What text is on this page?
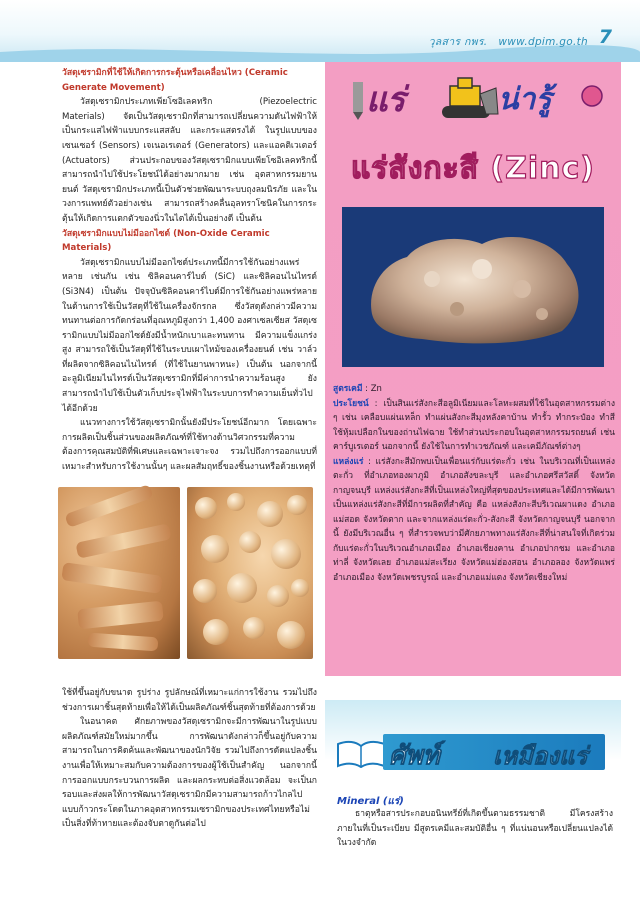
วุลสาร กพร. www.dpim.go.th 7

วัสดุเซรามิกที่ใช้ให้เกิดการกระตุ้นหรือเคลื่อนไหว (Ceramic Generate Movement)

วัสดุเซรามิกประเภทเพียโซอิเลคทริก (Piezoelectric Materials) จัดเป็นวัสดุเซรามิกที่สามารถเปลี่ยนความดันไฟฟ้าให้เป็นกระแสไฟฟ้าแบบกระแสสลับ และกระแสตรงได้ ในรูปแบบของเซนเซอร์ (Sensors) เจเนอเรเตอร์ (Generators) และแอคติเวเตอร์ (Actuators) ส่วนประกอบของวัสดุเซรามิกแบบเพียโซอิเลคทริกนี้สามารถนำไปใช้ประโยชน์ได้อย่างมากมาย เช่น อุตสาหกรรมยานยนต์ วัสดุเซรามิกประเภทนี้เป็นตัวช่วยพัฒนาระบบถุงลมนิรภัย และในวงการแพทย์ตัวอย่างเช่น สามารถสร้างคลื่นอุลทราโซนิคในการกระตุ้นให้เกิดการแตกตัวของนิ่วในไตได้เป็นอย่างดี เป็นต้น

วัสดุเซรามิกแบบไม่มีออกไซด์ (Non-Oxide Ceramic Materials)

วัสดุเซรามิกแบบไม่มีออกไซด์ประเภทนี้มีการใช้กันอย่างแพร่หลาย เช่นกัน เช่น ซิลิคอนคาร์ไบด์ (SiC) และซิลิคอนไนไทรด์ (Si3N4) เป็นต้น ปัจจุบันซิลิคอนคาร์ไบด์มีการใช้กันอย่างแพร่หลายในด้านการใช้เป็นวัสดุที่ใช้ในเครื่องจักรกล ซึ่งวัสดุดังกล่าวมีความทนทานต่อการกัดกร่อนที่อุณหภูมิสูงกว่า 1,400 องศาเซลเซียส วัสดุเซรามิกแบบไม่มีออกไซด์ยังมีน้ำหนักเบาและทนทาน มีความแข็งแกร่งสูง สามารถใช้เป็นวัสดุที่ใช้ในระบบเผาไหม้ของเครื่องยนต์ เช่น วาล์วที่ผลิตจากซิลิคอนไนไทรด์ (ที่ใช้ในยานพาหนะ) เป็นต้น นอกจากนี้ อะลูมิเนียมไนไทรด์เป็นวัสดุเซรามิกที่มีค่าการนำความร้อนสูง ยังสามารถนำไปใช้เป็นตัวเก็บประจุไฟฟ้าในระบบการทำความเย็นทั่วไปได้อีกด้วย

แนวทางการใช้วัสดุเซรามิกนั้นยังมีประโยชน์อีกมาก โดยเฉพาะการผลิตเป็นชิ้นส่วนของผลิตภัณฑ์ที่ใช้ทางด้านวิศวกรรมที่ความต้องการคุณสมบัติที่พิเศษและเฉพาะเจาะจง รวมไปถึงการออกแบบที่เหมาะสำหรับการใช้งานนั้นๆ และผลสัมฤทธิ์ของชิ้นงานหรือด้วยเหตุที่

แร่	น่ารู้
แร่สังกะสี (Zinc)

สูตรเคมี : Zn

ประโยชน์ : เป็นสินแร่สังกะสีอลูมิเนียมและโลหะผสมที่ใช้ในอุตสาหกรรมต่าง ๆ เช่น เคลือบแผ่นเหล็ก ทำแผ่นสังกะสีมุงหลังคาบ้าน ทำรั้ว ทำกระป๋อง ทำสี ใช้หุ้มเปลือกในของถ่านไฟฉาย ใช้ทำส่วนประกอบในอุตสาหกรรมรถยนต์ เช่น คาร์บูเรเตอร์ นอกจากนี้ ยังใช้ในการทำเวชภัณฑ์ และเคมีภัณฑ์ต่างๆ

แหล่งแร่ : แร่สังกะสีมักพบเป็นเพื่อนแร่กับแร่ตะกั่ว เช่น ในบริเวณที่เป็นแหล่งตะกั่ว ที่อำเภอทองผาภูมิ อำเภอสังขละบุรี และอำเภอศรีสวัสดิ์ จังหวัดกาญจนบุรี แหล่งแร่สังกะสีที่เป็นแหล่งใหญ่ที่สุดของประเทศและได้มีการพัฒนาเป็นแหล่งแร่สังกะสีที่มีการผลิตที่สำคัญ คือ แหล่งสังกะสีบริเวณผาแดง อำเภอแม่สอด จังหวัดตาก และจากแหล่งแร่ตะกั่ว-สังกะสี จังหวัดกาญจนบุรี นอกจากนี้ ยังมีบริเวณอื่น ๆ ที่สำรวจพบว่ามีศักยภาพทางแร่สังกะสีที่น่าสนใจที่เกิดร่วมกับแร่ตะกั่วในบริเวณอำเภอเมือง อำเภอเชียงคาน อำเภอปากชม และอำเภอท่าลี่ จังหวัดเลย อำเภอแม่สะเรียง จังหวัดแม่ฮ่องสอน อำเภอลอง จังหวัดแพร่ อำเภอเมือง จังหวัดเพชรบูรณ์ และอำเภอแม่แตง จังหวัดเชียงใหม่

ใช้ที่ขึ้นอยู่กับขนาด รูปร่าง รูปลักษณ์ที่เหมาะแก่การใช้งาน รวมไปถึงช่วงการเผาชิ้นสุดท้ายเพื่อให้ได้เป็นผลิตภัณฑ์ชิ้นสุดท้ายที่ต้องการด้วย

ในอนาคต ศักยภาพของวัสดุเซรามิกจะมีการพัฒนาในรูปแบบผลิตภัณฑ์สมัยใหม่มากขึ้น การพัฒนาดังกล่าวก็ขึ้นอยู่กับความสามารถในการคิดค้นและพัฒนาของนักวิจัย รวมไปถึงการดัดแปลงชิ้นงานเพื่อให้เหมาะสมกับความต้องการของผู้ใช้เป็นสำคัญ นอกจากนี้ การออกแบบกระบวนการผลิต และผลกระทบต่อสิ่งแวดล้อม จะเป็นกรอบและส่งผลให้การพัฒนาวัสดุเซรามิกมีความสามารถก้าวไกลไปแบบก้าวกระโดดในภาคอุตสาหกรรมเซรามิกของประเทศไทยหรือไม่เป็นสิ่งที่ท้าทายและต้องจับตาดูกันต่อไป

ศัพท์ เหมืองแร่
Mineral (แร่)

ธาตุหรือสารประกอบอนินทรีย์ที่เกิดขึ้นตามธรรมชาติ มีโครงสร้างภายในที่เป็นระเบียบ มีสูตรเคมีและสมบัติอื่น ๆ ที่แน่นอนหรือเปลี่ยนแปลงได้ในวงจำกัด
